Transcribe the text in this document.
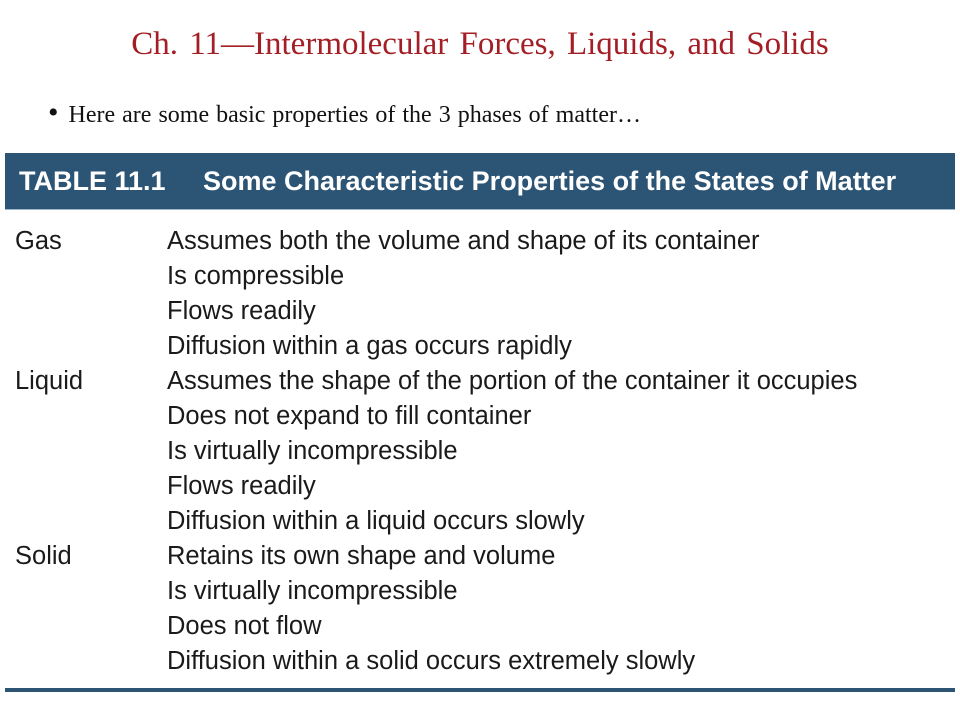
Ch. 11—Intermolecular Forces, Liquids, and Solids
• Here are some basic properties of the 3 phases of matter…
TABLE 11.1	Some Characteristic Properties of the States of Matter
Gas	Assumes both the volume and shape of its container
Is compressible
Flows readily
Diffusion within a gas occurs rapidly
Liquid	Assumes the shape of the portion of the container it occupies
Does not expand to fill container
Is virtually incompressible
Flows readily
Diffusion within a liquid occurs slowly
Solid	Retains its own shape and volume
Is virtually incompressible
Does not flow
Diffusion within a solid occurs extremely slowly
